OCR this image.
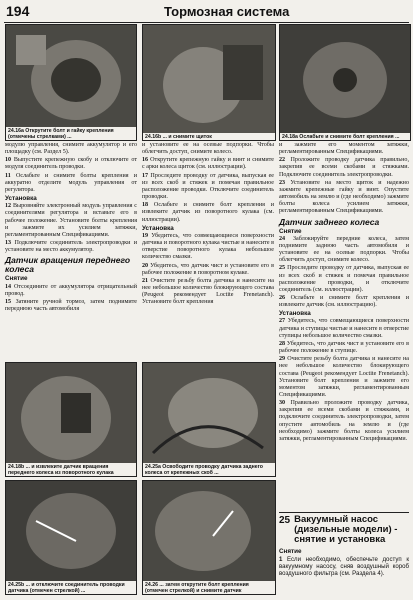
194	Тормозная система
24.16a Открутите болт и гайку крепления (отмечены стрелками) ...	24.16b ... и снимите щиток	24.18a Ослабьте и снимите болт крепления ...

модулю управления, снимите аккумулятор и его площадку (см. Раздел 5).

10 Выпустите крепежную скобу и отключите от модуля соединитель проводки.

11 Ослабьте и снимите болты крепления и аккуратно отделите модуль управления от регулятора.

Установка

12 Выровняйте электронный модуль управления с соединителями регулятора и вставьте его в рабочее положение. Установите болты крепления и зажмите их усилием затяжки, регламентированным Спецификациями.

13 Подключите соединитель электропроводки и установите на место аккумулятор.

Датчик вращения переднего колеса
Снятие

14 Отсоедините от аккумулятора отрицательный провод.

15 Затяните ручной тормоз, затем поднимите переднюю часть автомобиля

и установите ее на осевые подпорки. Чтобы облегчить доступ, снимите колесо.

16 Открутите крепежную гайку и винт и снимите с арки колеса щиток (см. иллюстрации).

17 Проследите проводку от датчика, выпуская ее из всех скоб и стяжек и помечая правильное расположение проводки. Отключите соединитель проводки.

18 Ослабьте и снимите болт крепления и извлеките датчик из поворотного кулака (см. иллюстрации).

Установка

19 Убедитесь, что совмещающиеся поверхности датчика и поворотного кулака чистые и нанесите в отверстие поворотного кулака небольшое количество смазки.

20 Убедитесь, что датчик чист и установите его в рабочее положение в поворотном кулаке.

21 Очистите резьбу болта датчика и нанесите на нее небольшое количество блокирующего состава (Peugeot рекомендует Loctite Frenetanch). Установите болт крепления

и зажмите его моментом затяжки, регламентированным Спецификациями.

22 Проложите проводку датчика правильно, закрепив ее всеми скобами и стяжками. Подключите соединитель электропроводки.

23 Установите на место щиток и надежно зажмите крепежные гайку и винт. Опустите автомобиль на землю и (где необходимо) зажмите болты колеса усилием затяжки, регламентированным Спецификациями.

Датчик заднего колеса
Снятие

24 Заблокируйте передние колеса, затем поднимите заднюю часть автомобиля и установите ее на осевые подпорки. Чтобы облегчить доступ, снимите колесо.

25 Проследите проводку от датчика, выпуская ее из всех скоб и стяжек и помечая правильное расположение проводки, и отключите соединитель (см. иллюстрации).

26 Ослабьте и снимите болт крепления и извлеките датчик (см. иллюстрацию).

Установка

27 Убедитесь, что совмещающиеся поверхности датчика и ступицы чистые и нанесите в отверстие ступицы небольшое количество смазки.

28 Убедитесь, что датчик чист и установите его в рабочее положение в ступице.

29 Очистите резьбу болта датчика и нанесите на нее небольшое количество блокирующего состава (Peugeot рекомендует Loctite Frenetanch). Установите болт крепления и зажмите его моментом затяжки, регламентированным Спецификациями.

30 Правильно проложите проводку датчика, закрепив ее всеми скобами и стяжками, и подключите соединитель электропроводки, затем опустите автомобиль на землю и (где необходимо) зажмите болты колеса усилием затяжки, регламентированным Спецификациями.

24.18b ... и извлеките датчик вращения переднего колеса из поворотного кулака
24.25a Освободите проводку датчика заднего колеса от крепежных скоб ...
24.25b ... и отключите соединитель проводки датчика (отмечен стрелкой) ...
24.26 ... затем открутите болт крепления (отмечен стрелкой) и снимите датчик
25 Вакуумный насос (дизельные модели) - снятие и установка
Снятие

1 Если необходимо, обеспечьте доступ к вакуумному насосу, сняв воздушный короб воздушного фильтра (см. Раздела 4).
